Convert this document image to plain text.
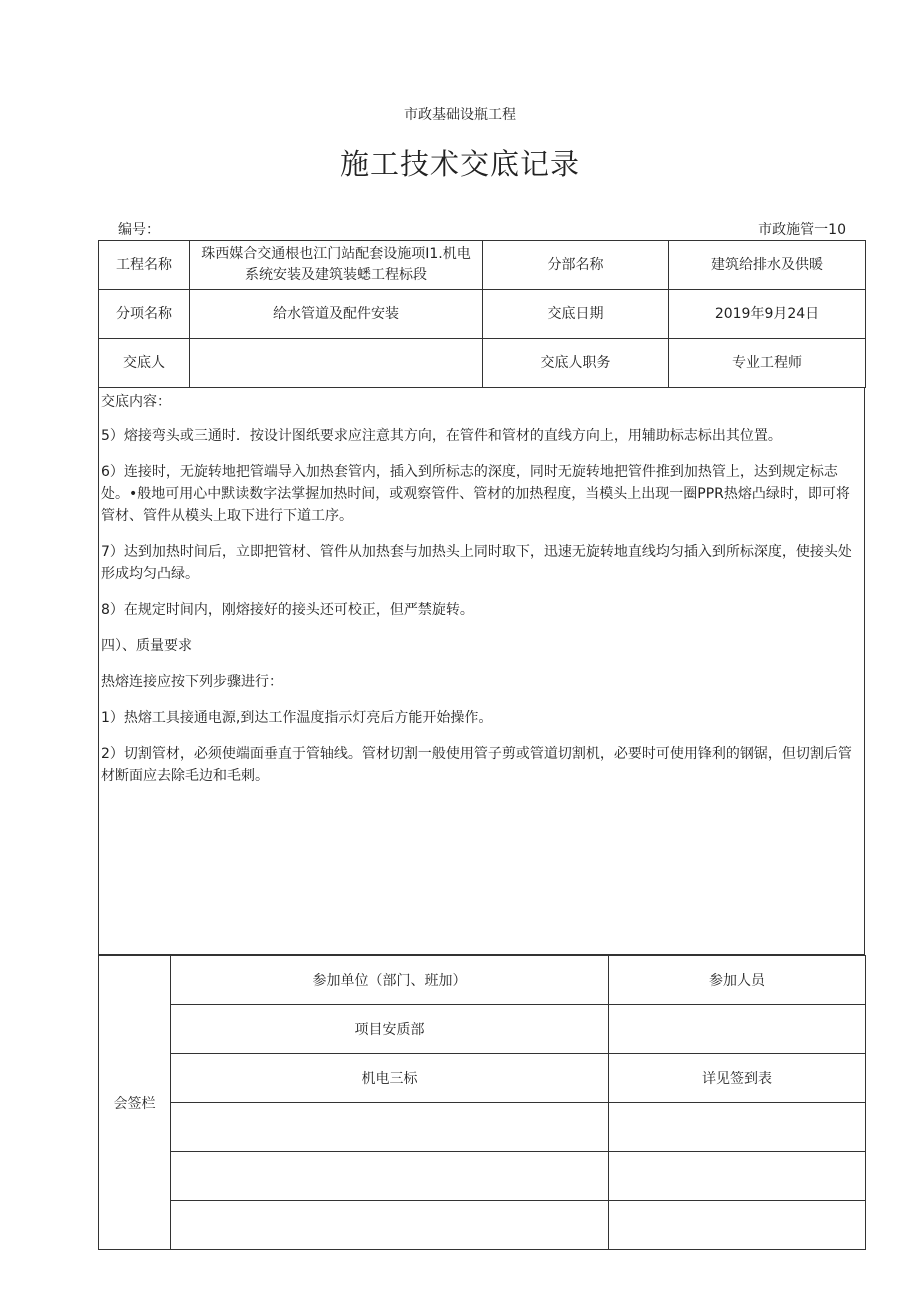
市政基础设瓶工程
施工技术交底记录
编号：	市政施管一10
工程名称	珠西媒合交通根也江门站配套设施项I1.机电系统安装及建筑装蟋工程标段	分部名称	建筑给排水及供暖
分项名称	给水管道及配件安装	交底日期	2019年9月24日
交底人		交底人职务	专业工程师

交底内容：

5）熔接弯头或三通时．按设计图纸要求应注意其方向，在管件和管材的直线方向上，用辅助标志标出其位置。

6）连接时，无旋转地把管端导入加热套管内，插入到所标志的深度，同时无旋转地把管件推到加热管上，达到规定标志处。•般地可用心中默读数字法掌握加热时间，或观察管件、管材的加热程度，当模头上出现一圈PPR热熔凸绿时，即可将管材、管件从模头上取下进行下道工序。

7）达到加热时间后，立即把管材、管件从加热套与加热头上同时取下，迅速无旋转地直线均匀插入到所标深度，使接头处形成均匀凸绿。

8）在规定时间内，刚熔接好的接头还可校正，但严禁旋转。

四）、质量要求

热熔连接应按下列步骤进行：

1）热熔工具接通电源,到达工作温度指示灯亮后方能开始操作。

2）切割管材，必须使端面垂直于管轴线。管材切割一般使用管子剪或管道切割机，必要时可使用锋利的钢锯，但切割后管材断面应去除毛边和毛刺。

会签栏	参加单位（部门、班加）	参加人员
	项目安质部	
	机电三标	详见签到表
